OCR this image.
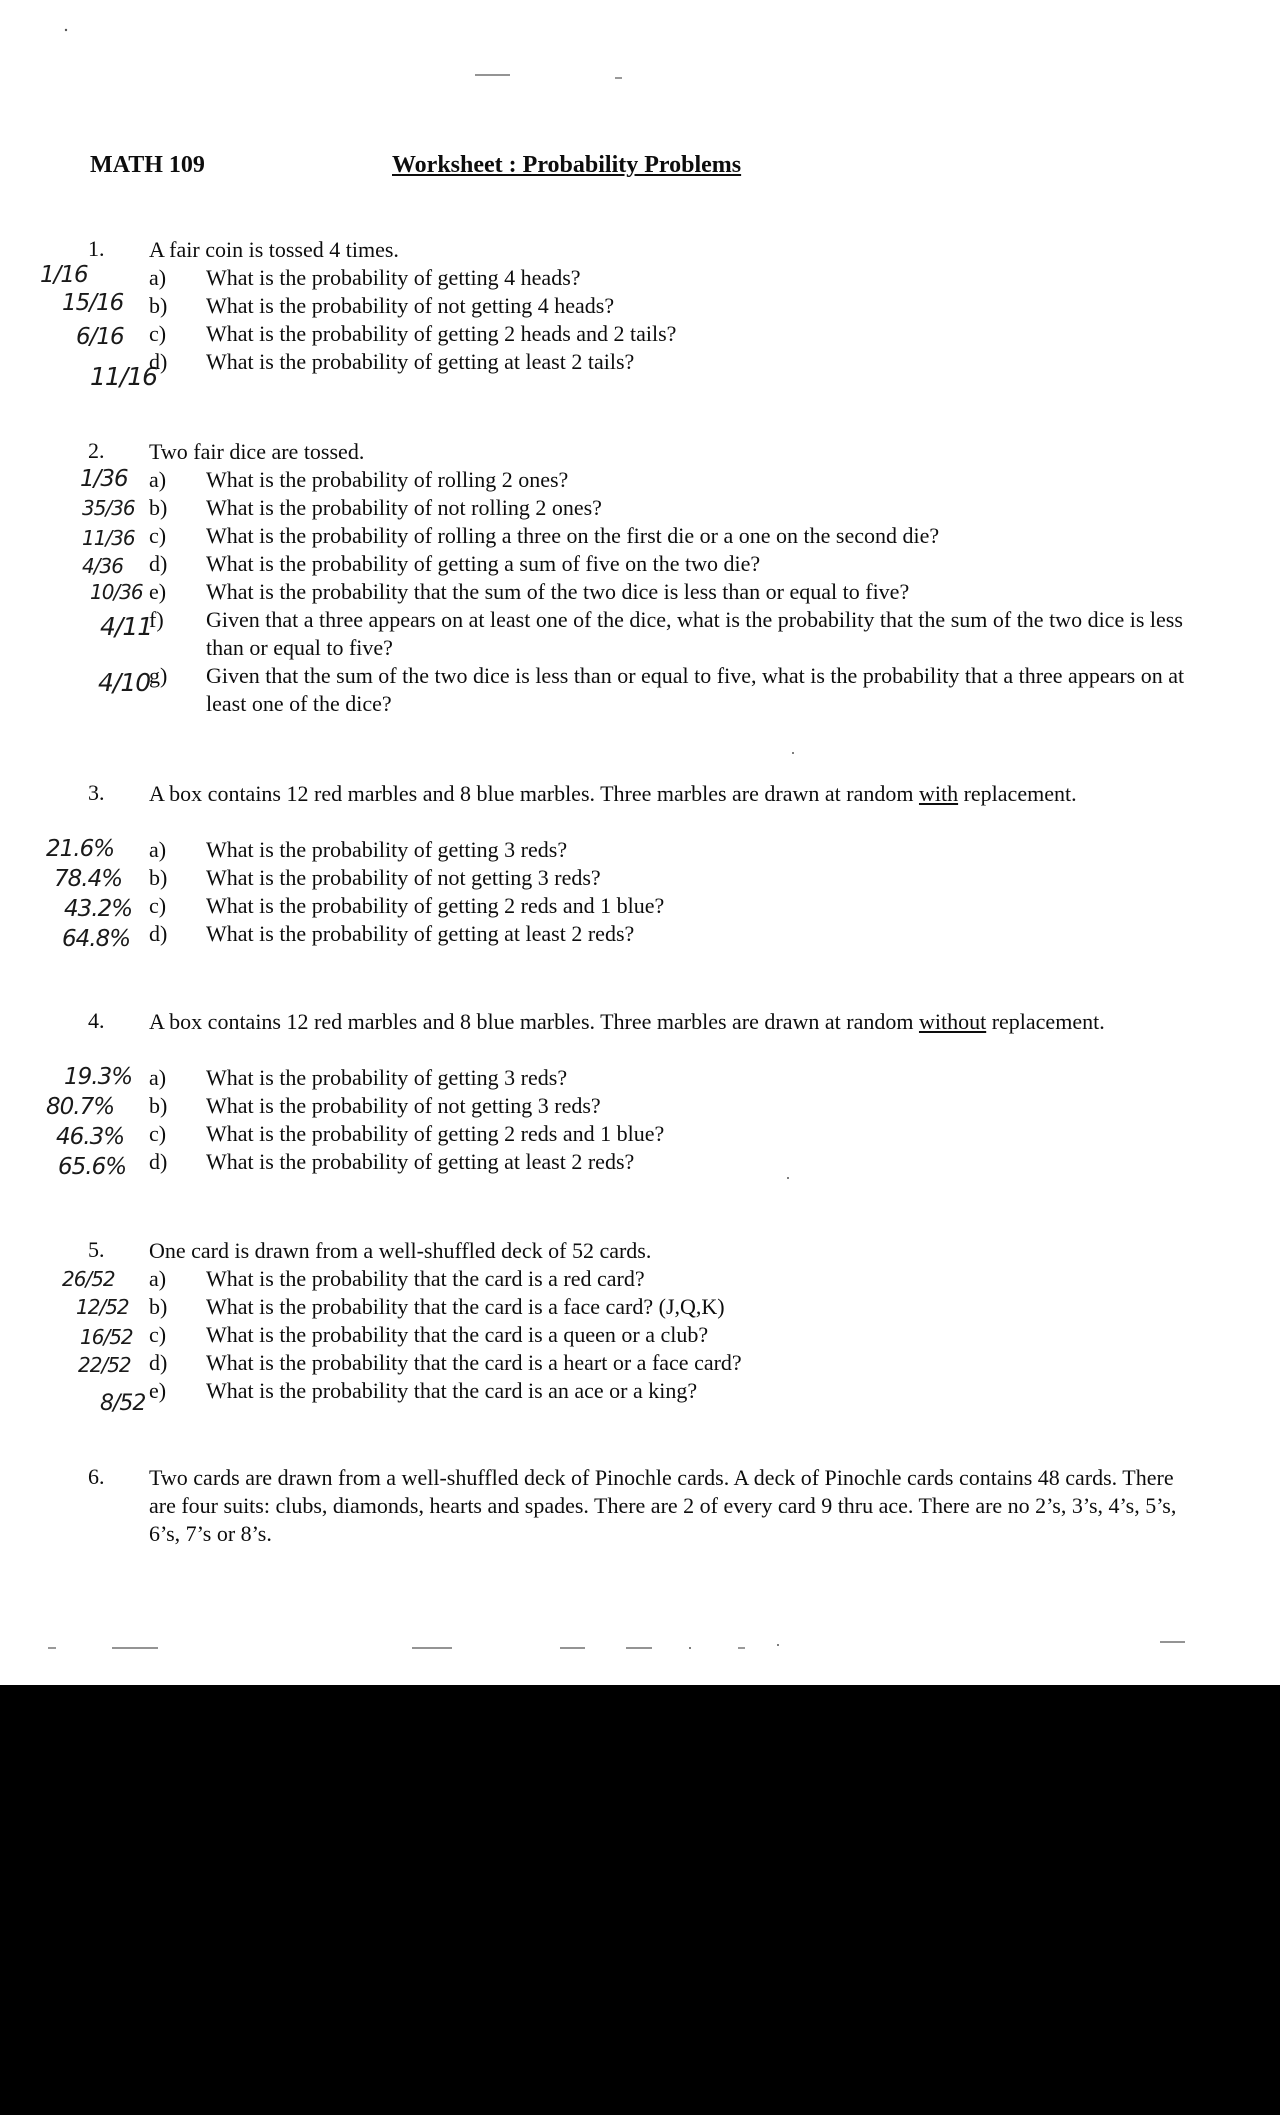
MATH 109	Worksheet : Probability Problems
1. A fair coin is tossed 4 times.
1/16	a) What is the probability of getting 4 heads?
15/16 b) What is the probability of not getting 4 heads?
6/16 c) What is the probability of getting 2 heads and 2 tails?
11/16
d) What is the probability of getting at least 2 tails?
2. Two fair dice are tossed.
1/36 a) What is the probability of rolling 2 ones?
35/36 b) What is the probability of not rolling 2 ones?
11/36 c) What is the probability of rolling a three on the first die or a one on the second die?
4/36 d) What is the probability of getting a sum of five on the two die?
10/36 e) What is the probability that the sum of the two dice is less than or equal to five?
4/11
f) Given that a three appears on at least one of the dice, what is the probability that the sum of the two dice is less than or equal to five?
4/10
g) Given that the sum of the two dice is less than or equal to five, what is the probability that a three appears on at least one of the dice?
3. A box contains 12 red marbles and 8 blue marbles. Three marbles are drawn at random with replacement.
21.6% a) What is the probability of getting 3 reds?
78.4% b) What is the probability of not getting 3 reds?
43.2% c) What is the probability of getting 2 reds and 1 blue?
64.8% d) What is the probability of getting at least 2 reds?
4. A box contains 12 red marbles and 8 blue marbles. Three marbles are drawn at random without replacement.
19.3% a) What is the probability of getting 3 reds?
80.7% b) What is the probability of not getting 3 reds?
46.3% c) What is the probability of getting 2 reds and 1 blue?
65.6% d) What is the probability of getting at least 2 reds?
5. One card is drawn from a well-shuffled deck of 52 cards.
26/52 a) What is the probability that the card is a red card?
12/52 b) What is the probability that the card is a face card? (J,Q,K)
16/52 c) What is the probability that the card is a queen or a club?
22/52 d) What is the probability that the card is a heart or a face card?
8/52
e) What is the probability that the card is an ace or a king?
6. Two cards are drawn from a well-shuffled deck of Pinochle cards. A deck of Pinochle cards contains 48 cards. There are four suits: clubs, diamonds, hearts and spades. There are 2 of every card 9 thru ace. There are no 2’s, 3’s, 4’s, 5’s, 6’s, 7’s or 8’s.
